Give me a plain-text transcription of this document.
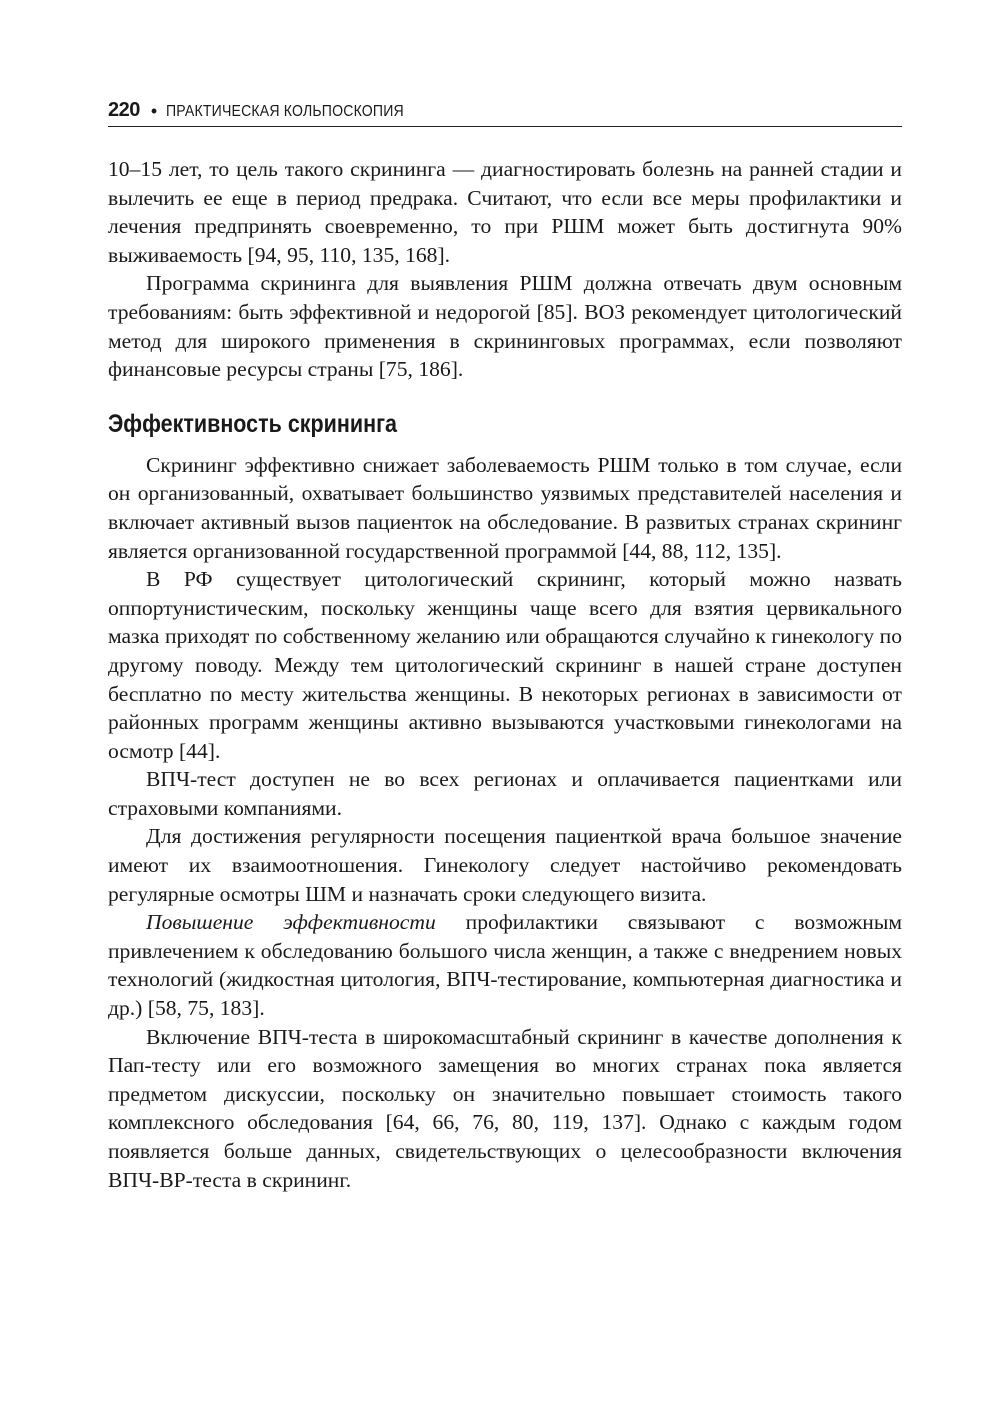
220 • ПРАКТИЧЕСКАЯ КОЛЬПОСКОПИЯ

10–15 лет, то цель такого скрининга — диагностировать болезнь на ранней стадии и вылечить ее еще в период предрака. Считают, что если все меры профилактики и лечения предпринять своевременно, то при РШМ может быть достигнута 90% выживаемость [94, 95, 110, 135, 168].

Программа скрининга для выявления РШМ должна отвечать двум основным требованиям: быть эффективной и недорогой [85]. ВОЗ рекомендует цитологический метод для широкого применения в скрининговых программах, если позволяют финансовые ресурсы страны [75, 186].

Эффективность скрининга

Скрининг эффективно снижает заболеваемость РШМ только в том случае, если он организованный, охватывает большинство уязвимых представителей населения и включает активный вызов пациенток на обследование. В развитых странах скрининг является организованной государственной программой [44, 88, 112, 135].

В РФ существует цитологический скрининг, который можно назвать оппортунистическим, поскольку женщины чаще всего для взятия цервикального мазка приходят по собственному желанию или обращаются случайно к гинекологу по другому поводу. Между тем цитологический скрининг в нашей стране доступен бесплатно по месту жительства женщины. В некоторых регионах в зависимости от районных программ женщины активно вызываются участковыми гинекологами на осмотр [44].

ВПЧ-тест доступен не во всех регионах и оплачивается пациентками или страховыми компаниями.

Для достижения регулярности посещения пациенткой врача большое значение имеют их взаимоотношения. Гинекологу следует настойчиво рекомендовать регулярные осмотры ШМ и назначать сроки следующего визита.

Повышение эффективности профилактики связывают с возможным привлечением к обследованию большого числа женщин, а также с внедрением новых технологий (жидкостная цитология, ВПЧ-тестирование, компьютерная диагностика и др.) [58, 75, 183].

Включение ВПЧ-теста в широкомасштабный скрининг в качестве дополнения к Пап-тесту или его возможного замещения во многих странах пока является предметом дискуссии, поскольку он значительно повышает стоимость такого комплексного обследования [64, 66, 76, 80, 119, 137]. Однако с каждым годом появляется больше данных, свидетельствующих о целесообразности включения ВПЧ-ВР-теста в скрининг.
